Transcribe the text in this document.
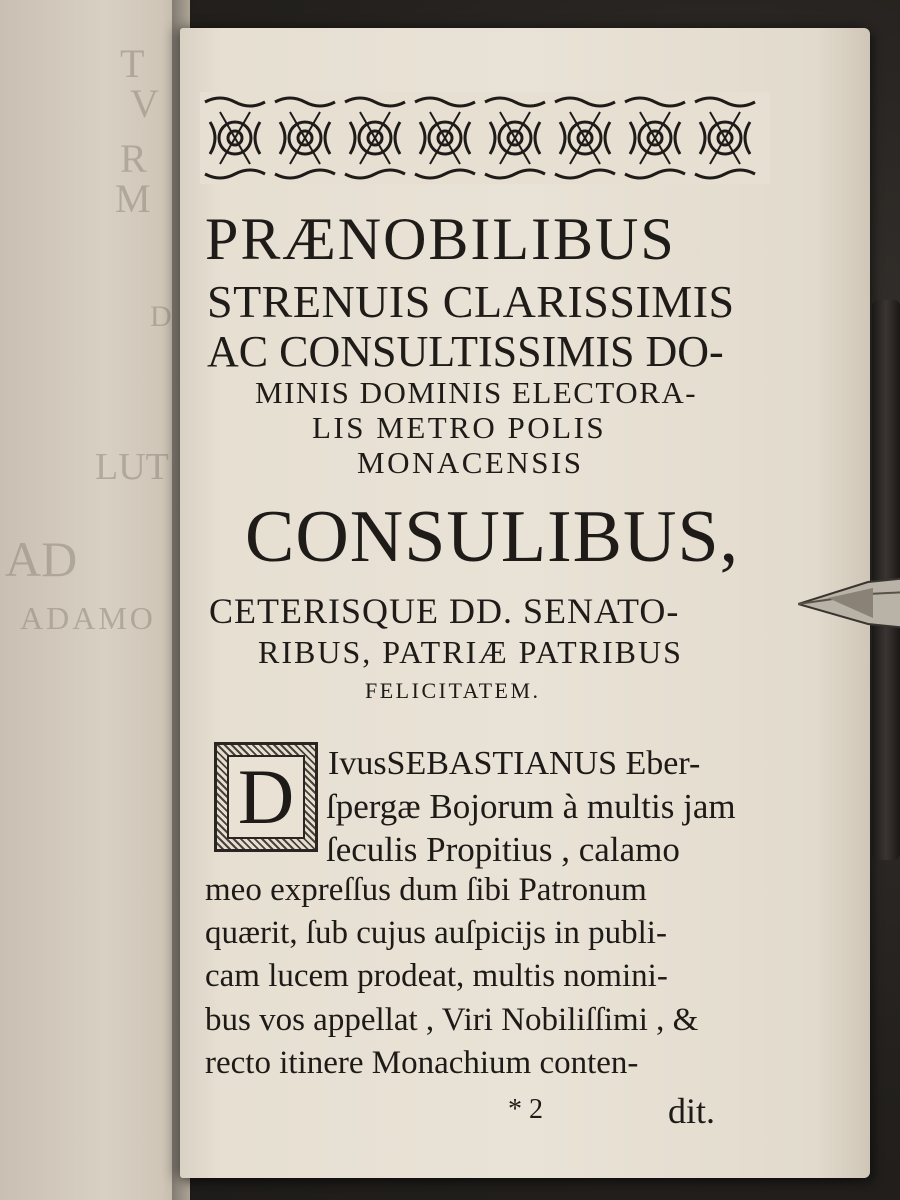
T
V
R
M
D
LUT
AD
ADAMO
PRÆNOBILIBUS
STRENUIS CLARISSIMIS
AC CONSULTISSIMIS DO-
MINIS DOMINIS ELECTORA-
LIS METRO POLIS
MONACENSIS
CONSULIBUS,
CETERISQUE DD. SENATO-
RIBUS, PATRIÆ PATRIBUS
FELICITATEM.
D IvusSEBASTIANUS Eber-
ſpergæ Bojorum à multis jam
ſeculis Propitius , calamo
meo expreſſus dum ſibi Patronum
quærit, ſub cujus auſpicijs in publi-
cam lucem prodeat, multis nomini-
bus vos appellat , Viri Nobiliſſimi , &
recto itinere Monachium conten-
* 2	dit.
